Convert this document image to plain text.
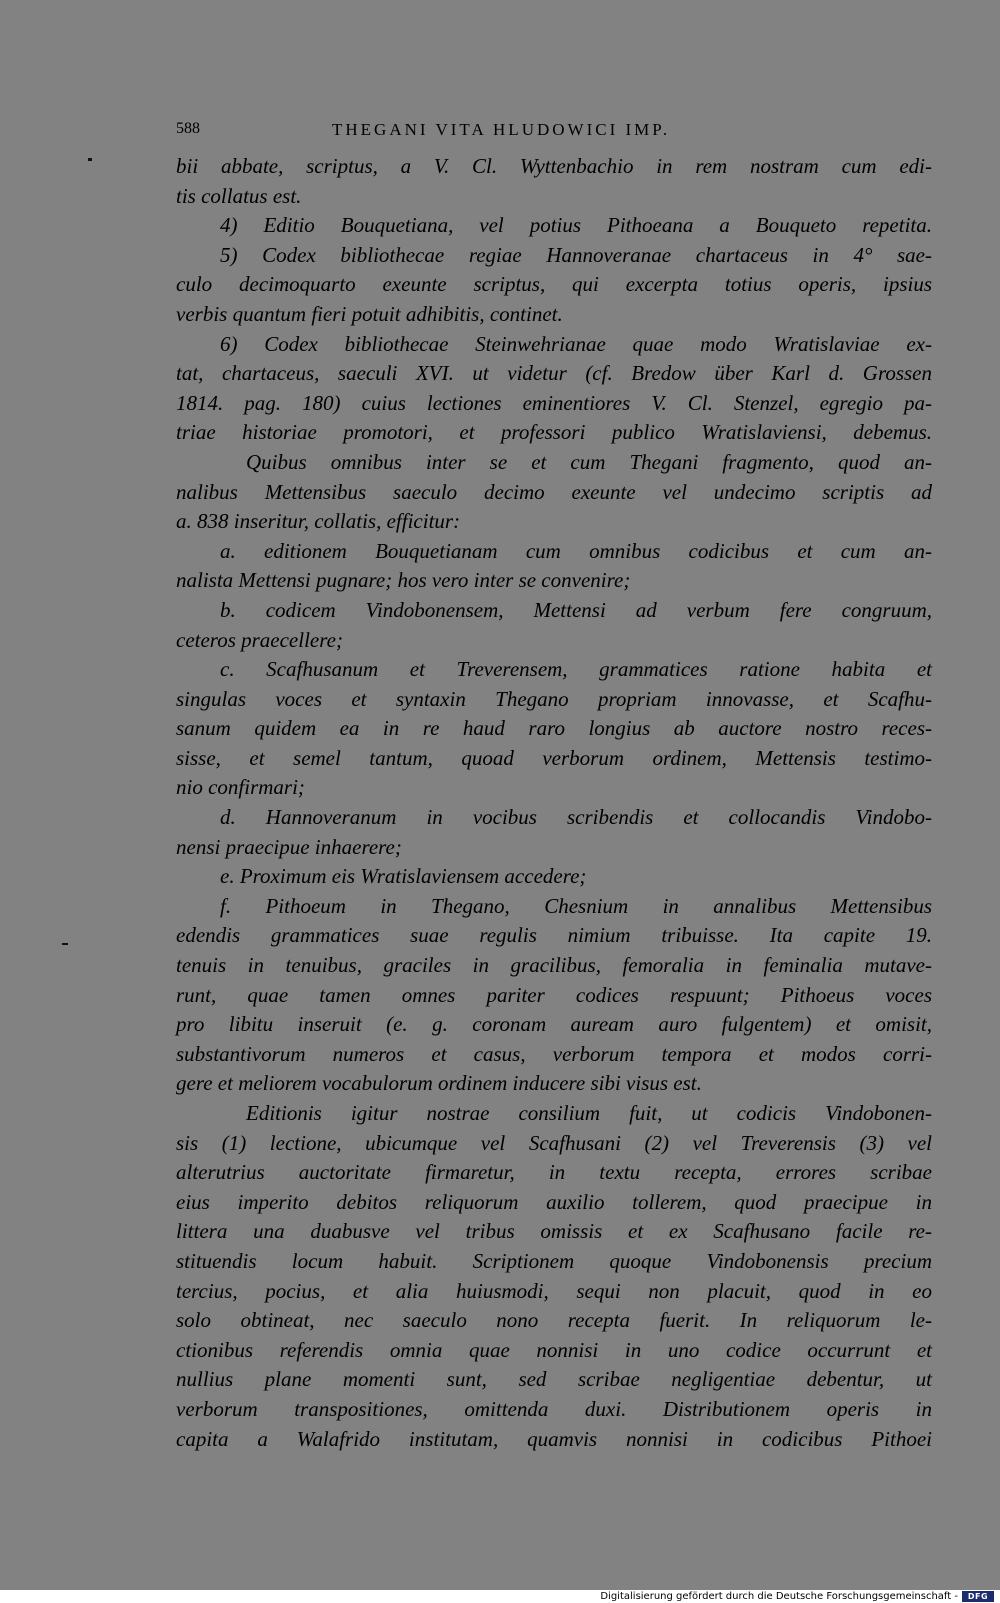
588	THEGANI VITA HLUDOWICI IMP.
bii abbate, scriptus, a V. Cl. Wyttenbachio in rem nostram cum edi-
tis collatus est.
4) Editio Bouquetiana, vel potius Pithoeana a Bouqueto repetita.
5) Codex bibliothecae regiae Hannoveranae chartaceus in 4° sae-
culo decimoquarto exeunte scriptus, qui excerpta totius operis, ipsius
verbis quantum fieri potuit adhibitis, continet.
6) Codex bibliothecae Steinwehrianae quae modo Wratislaviae ex-
tat, chartaceus, saeculi XVI. ut videtur (cf. Bredow über Karl d. Grossen
1814. pag. 180) cuius lectiones eminentiores V. Cl. Stenzel, egregio pa-
triae historiae promotori, et professori publico Wratislaviensi, debemus.
Quibus omnibus inter se et cum Thegani fragmento, quod an-
nalibus Mettensibus saeculo decimo exeunte vel undecimo scriptis ad
a. 838 inseritur, collatis, efficitur:
a. editionem Bouquetianam cum omnibus codicibus et cum an-
nalista Mettensi pugnare; hos vero inter se convenire;
b. codicem Vindobonensem, Mettensi ad verbum fere congruum,
ceteros praecellere;
c. Scafhusanum et Treverensem, grammatices ratione habita et
singulas voces et syntaxin Thegano propriam innovasse, et Scafhu-
sanum quidem ea in re haud raro longius ab auctore nostro reces-
sisse, et semel tantum, quoad verborum ordinem, Mettensis testimo-
nio confirmari;
d. Hannoveranum in vocibus scribendis et collocandis Vindobo-
nensi praecipue inhaerere;
e. Proximum eis Wratislaviensem accedere;
f. Pithoeum in Thegano, Chesnium in annalibus Mettensibus
edendis grammatices suae regulis nimium tribuisse. Ita capite 19.
tenuis in tenuibus, graciles in gracilibus, femoralia in feminalia mutave-
runt, quae tamen omnes pariter codices respuunt; Pithoeus voces
pro libitu inseruit (e. g. coronam auream auro fulgentem) et omisit,
substantivorum numeros et casus, verborum tempora et modos corri-
gere et meliorem vocabulorum ordinem inducere sibi visus est.
Editionis igitur nostrae consilium fuit, ut codicis Vindobonen-
sis (1) lectione, ubicumque vel Scafhusani (2) vel Treverensis (3) vel
alterutrius auctoritate firmaretur, in textu recepta, errores scribae
eius imperito debitos reliquorum auxilio tollerem, quod praecipue in
littera una duabusve vel tribus omissis et ex Scafhusano facile re-
stituendis locum habuit. Scriptionem quoque Vindobonensis precium
tercius, pocius, et alia huiusmodi, sequi non placuit, quod in eo
solo obtineat, nec saeculo nono recepta fuerit. In reliquorum le-
ctionibus referendis omnia quae nonnisi in uno codice occurrunt et
nullius plane momenti sunt, sed scribae negligentiae debentur, ut
verborum transpositiones, omittenda duxi. Distributionem operis in
capita a Walafrido institutam, quamvis nonnisi in codicibus Pithoei
Digitalisierung gefördert durch die Deutsche Forschungsgemeinschaft -	DFG
